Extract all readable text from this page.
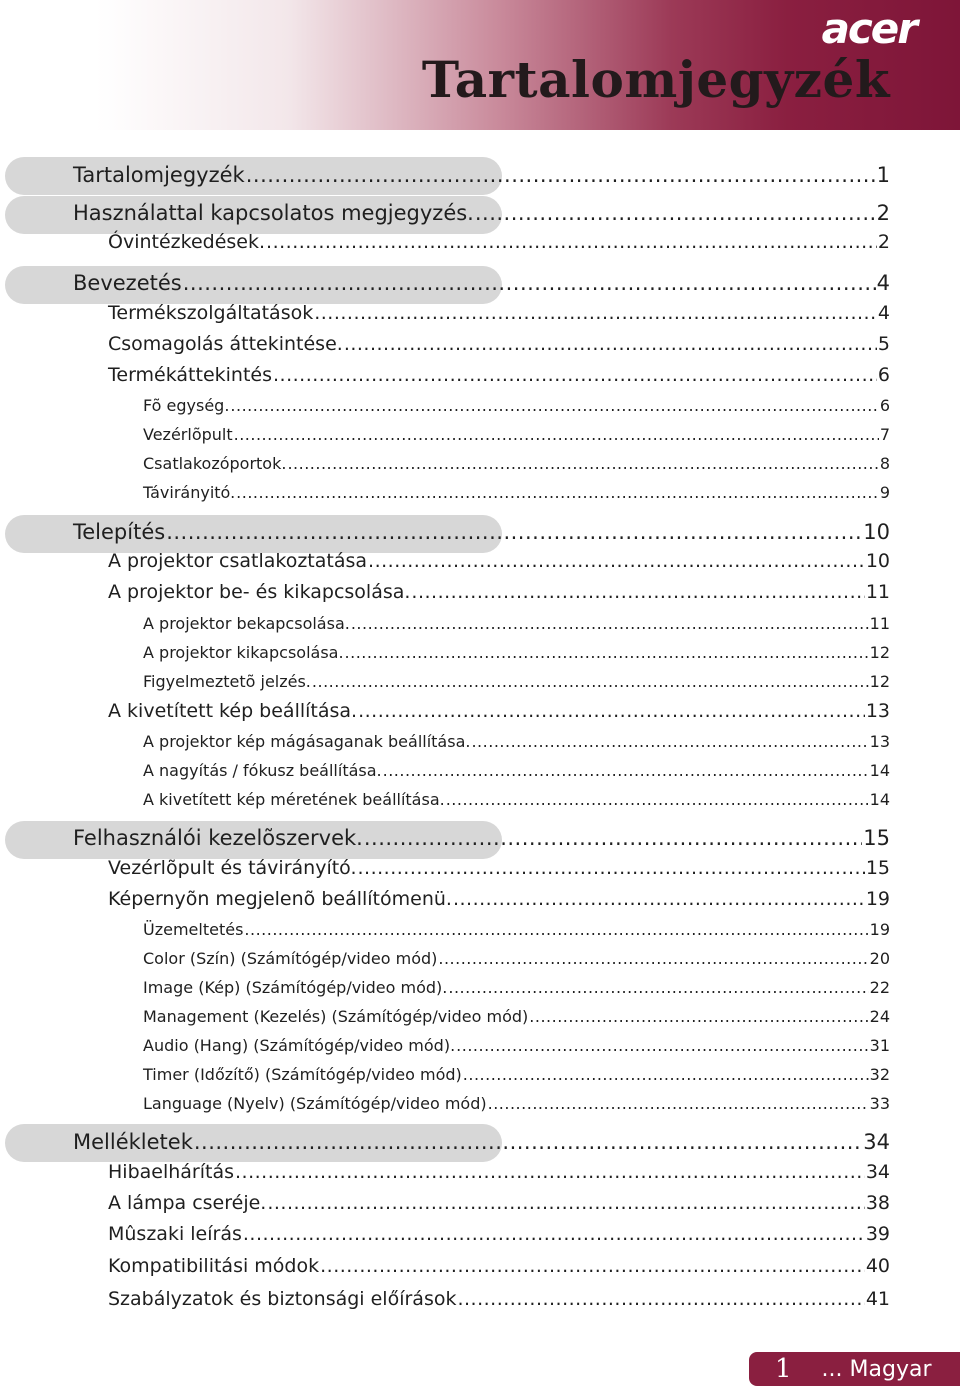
acer
Tartalomjegyzék
Tartalomjegyzék .....	1
Használattal kapcsolatos megjegyzés. .....	2
Óvintézkedések. .....	2
Bevezetés .....	4
Termékszolgáltatások .....	4
Csomagolás áttekintése. .....	5
Termékáttekintés .....	6
Fõ egység. .....	6
Vezérlõpult .....	7
Csatlakozóportok. .....	8
Távirányitó. .....	9
Telepítés .....	10
A projektor csatlakoztatása .....	10
A projektor be- és kikapcsolása. .....	11
A projektor bekapcsolása. .....	11
A projektor kikapcsolása. .....	12
Figyelmeztetõ jelzés. .....	12
A kivetített kép beállítása. .....	13
A projektor kép mágásaganak beállítása. .....	13
A nagyítás / fókusz beállítása. .....	14
A kivetített kép méretének beállítása. .....	14
Felhasználói kezelõszervek. .....	15
Vezérlõpult és távirányító. .....	15
Képernyõn megjelenõ beállítómenü. .....	19
Üzemeltetés .....	19
Color (Szín) (Számítógép/video mód) .....	20
Image (Kép) (Számítógép/video mód). .....	22
Management (Kezelés) (Számítógép/video mód) .....	24
Audio (Hang) (Számítógép/video mód). .....	31
Timer (Időzítő) (Számítógép/video mód) .....	32
Language (Nyelv) (Számítógép/video mód) .....	33
Mellékletek .....	34
Hibaelhárítás .....	34
A lámpa cseréje. .....	38
Mûszaki leírás .....	39
Kompatibilitási módok .....	40
Szabályzatok és biztonsági előírások .....	41
1 ... Magyar
